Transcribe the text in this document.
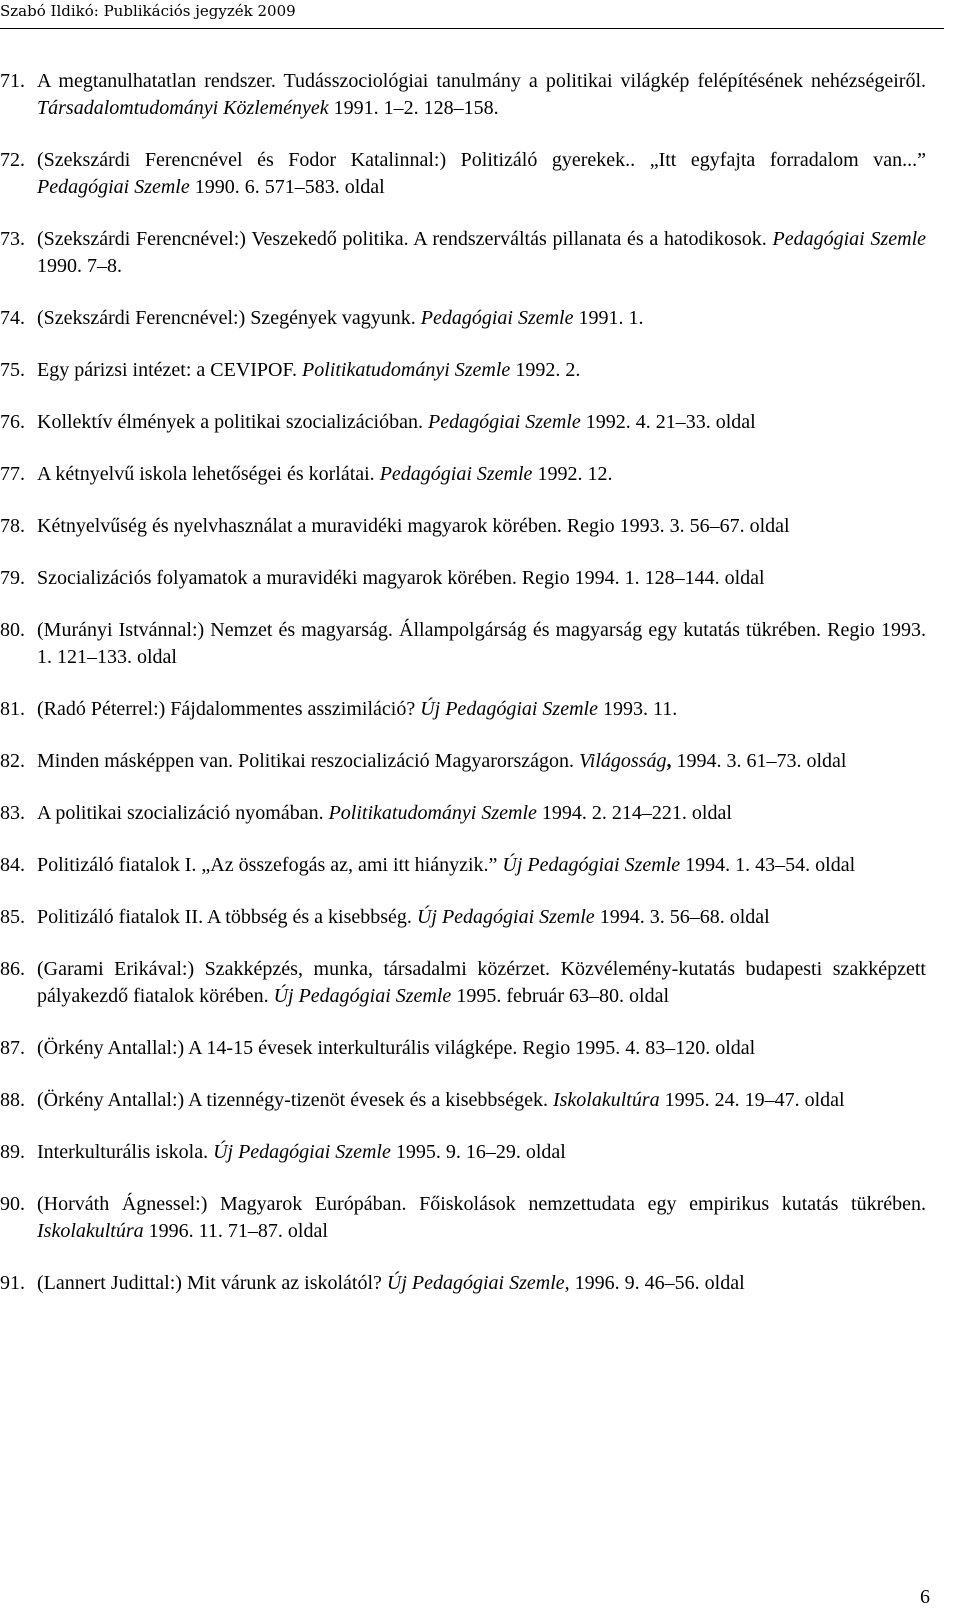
Szabó Ildikó: Publikációs jegyzék 2009
71. A megtanulhatatlan rendszer. Tudásszociológiai tanulmány a politikai világkép felépítésének nehézségeiről. Társadalomtudományi Közlemények 1991. 1–2. 128–158.
72. (Szekszárdi Ferencnével és Fodor Katalinnal:) Politizáló gyerekek.. „Itt egyfajta forradalom van...” Pedagógiai Szemle 1990. 6. 571–583. oldal
73. (Szekszárdi Ferencnével:) Veszekedő politika. A rendszerváltás pillanata és a hatodikosok. Pedagógiai Szemle 1990. 7–8.
74. (Szekszárdi Ferencnével:) Szegények vagyunk. Pedagógiai Szemle 1991. 1.
75. Egy párizsi intézet: a CEVIPOF. Politikatudományi Szemle 1992. 2.
76. Kollektív élmények a politikai szocializációban. Pedagógiai Szemle 1992. 4. 21–33. oldal
77. A kétnyelvű iskola lehetőségei és korlátai. Pedagógiai Szemle 1992. 12.
78. Kétnyelvűség és nyelvhasználat a muravidéki magyarok körében. Regio 1993. 3. 56–67. oldal
79. Szocializációs folyamatok a muravidéki magyarok körében. Regio 1994. 1. 128–144. oldal
80. (Murányi Istvánnal:) Nemzet és magyarság. Állampolgárság és magyarság egy kutatás tükrében. Regio 1993. 1. 121–133. oldal
81. (Radó Péterrel:) Fájdalommentes asszimiláció? Új Pedagógiai Szemle 1993. 11.
82. Minden másképpen van. Politikai reszocializáció Magyarországon. Világosság, 1994. 3. 61–73. oldal
83. A politikai szocializáció nyomában. Politikatudományi Szemle 1994. 2. 214–221. oldal
84. Politizáló fiatalok I. „Az összefogás az, ami itt hiányzik.” Új Pedagógiai Szemle 1994. 1. 43–54. oldal
85. Politizáló fiatalok II. A többség és a kisebbség. Új Pedagógiai Szemle 1994. 3. 56–68. oldal
86. (Garami Erikával:) Szakképzés, munka, társadalmi közérzet. Közvélemény-kutatás budapesti szakképzett pályakezdő fiatalok körében. Új Pedagógiai Szemle 1995. február 63–80. oldal
87. (Örkény Antallal:) A 14-15 évesek interkulturális világképe. Regio 1995. 4. 83–120. oldal
88. (Örkény Antallal:) A tizennégy-tizenöt évesek és a kisebbségek. Iskolakultúra 1995. 24. 19–47. oldal
89. Interkulturális iskola. Új Pedagógiai Szemle 1995. 9. 16–29. oldal
90. (Horváth Ágnessel:) Magyarok Európában. Főiskolások nemzettudata egy empirikus kutatás tükrében. Iskolakultúra 1996. 11. 71–87. oldal
91. (Lannert Judittal:) Mit várunk az iskolától? Új Pedagógiai Szemle, 1996. 9. 46–56. oldal
6
